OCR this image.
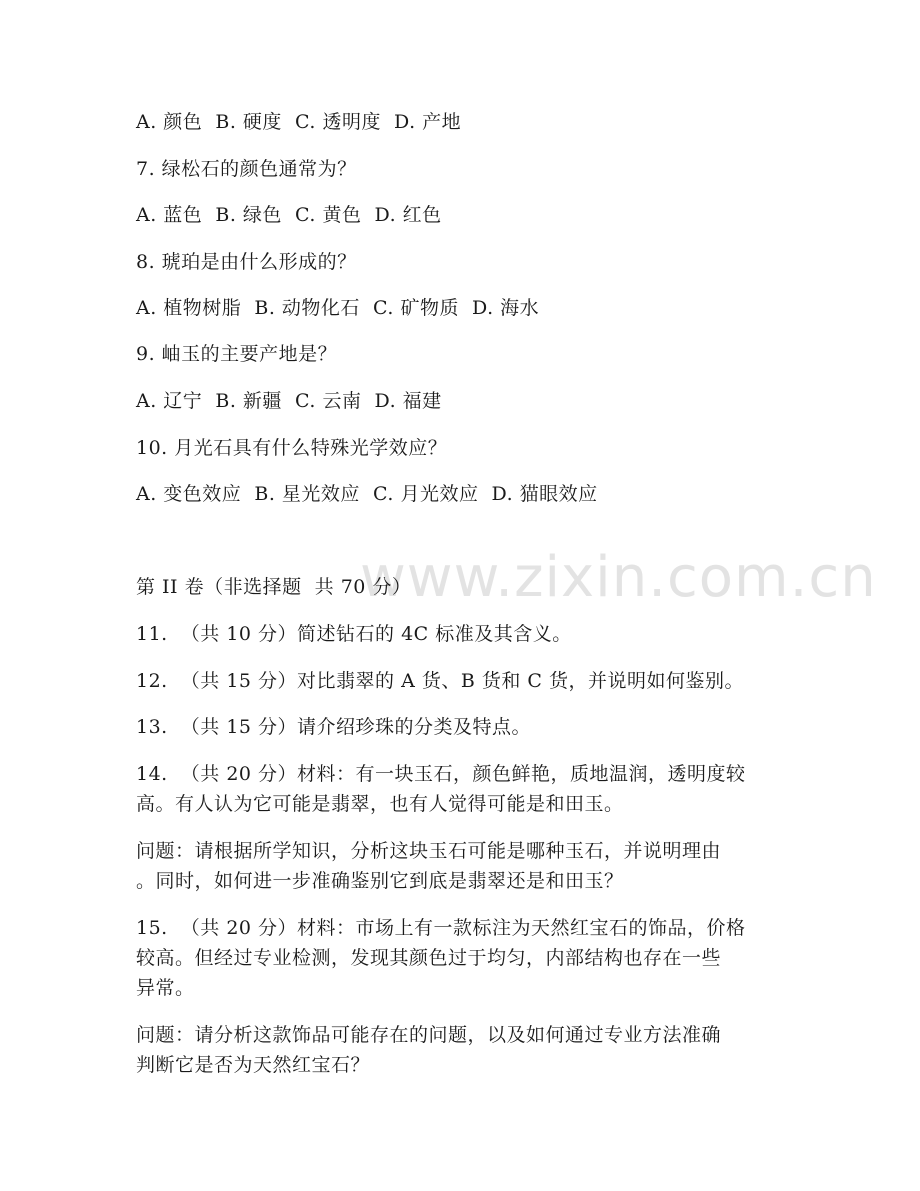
www.zixin.com.cn
A. 颜色  B. 硬度  C. 透明度  D. 产地
7. 绿松石的颜色通常为？
A. 蓝色  B. 绿色  C. 黄色  D. 红色
8. 琥珀是由什么形成的？
A. 植物树脂  B. 动物化石  C. 矿物质  D. 海水
9. 岫玉的主要产地是？
A. 辽宁  B. 新疆  C. 云南  D. 福建
10. 月光石具有什么特殊光学效应？
A. 变色效应  B. 星光效应  C. 月光效应  D. 猫眼效应
第 II 卷（非选择题  共 70 分）
11.  （共 10 分）简述钻石的 4C 标准及其含义。
12.  （共 15 分）对比翡翠的 A 货、B 货和 C 货，并说明如何鉴别。
13.  （共 15 分）请介绍珍珠的分类及特点。
14.  （共 20 分）材料：有一块玉石，颜色鲜艳，质地温润，透明度较
高。有人认为它可能是翡翠，也有人觉得可能是和田玉。
问题：请根据所学知识，分析这块玉石可能是哪种玉石，并说明理由
。同时，如何进一步准确鉴别它到底是翡翠还是和田玉？
15.  （共 20 分）材料：市场上有一款标注为天然红宝石的饰品，价格
较高。但经过专业检测，发现其颜色过于均匀，内部结构也存在一些
异常。
问题：请分析这款饰品可能存在的问题，以及如何通过专业方法准确
判断它是否为天然红宝石？
